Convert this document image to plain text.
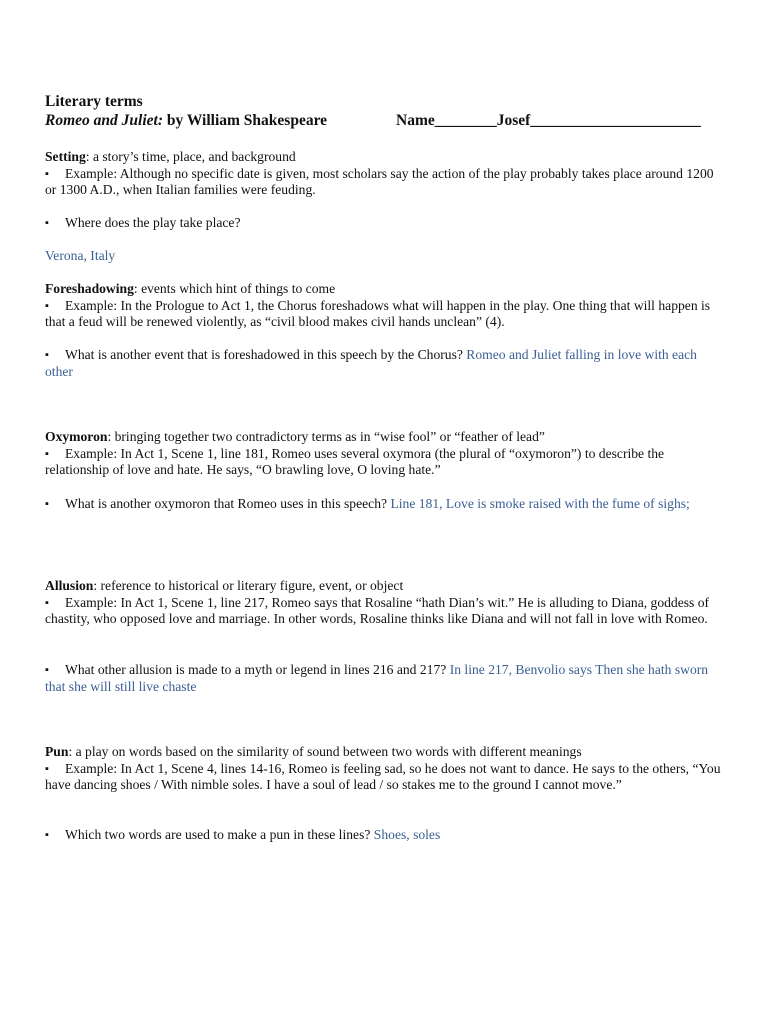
Literary terms
Romeo and Juliet: by William Shakespeare	Name________Josef______________________
Setting: a story’s time, place, and background
▪ Example: Although no specific date is given, most scholars say the action of the play probably takes place around 1200 or 1300 A.D., when Italian families were feuding.
▪ Where does the play take place?
Verona, Italy
Foreshadowing: events which hint of things to come
▪ Example: In the Prologue to Act 1, the Chorus foreshadows what will happen in the play. One thing that will happen is that a feud will be renewed violently, as “civil blood makes civil hands unclean” (4).
▪ What is another event that is foreshadowed in this speech by the Chorus? Romeo and Juliet falling in love with each other
Oxymoron: bringing together two contradictory terms as in “wise fool” or “feather of lead”
▪ Example: In Act 1, Scene 1, line 181, Romeo uses several oxymora (the plural of “oxymoron”) to describe the relationship of love and hate. He says, “O brawling love, O loving hate.”
▪ What is another oxymoron that Romeo uses in this speech? Line 181, Love is smoke raised with the fume of sighs;
Allusion: reference to historical or literary figure, event, or object
▪ Example: In Act 1, Scene 1, line 217, Romeo says that Rosaline “hath Dian’s wit.” He is alluding to Diana, goddess of chastity, who opposed love and marriage. In other words, Rosaline thinks like Diana and will not fall in love with Romeo.
▪ What other allusion is made to a myth or legend in lines 216 and 217? In line 217, Benvolio says Then she hath sworn that she will still live chaste
Pun: a play on words based on the similarity of sound between two words with different meanings
▪ Example: In Act 1, Scene 4, lines 14-16, Romeo is feeling sad, so he does not want to dance. He says to the others, “You have dancing shoes / With nimble soles. I have a soul of lead / so stakes me to the ground I cannot move.”
▪ Which two words are used to make a pun in these lines? Shoes, soles
